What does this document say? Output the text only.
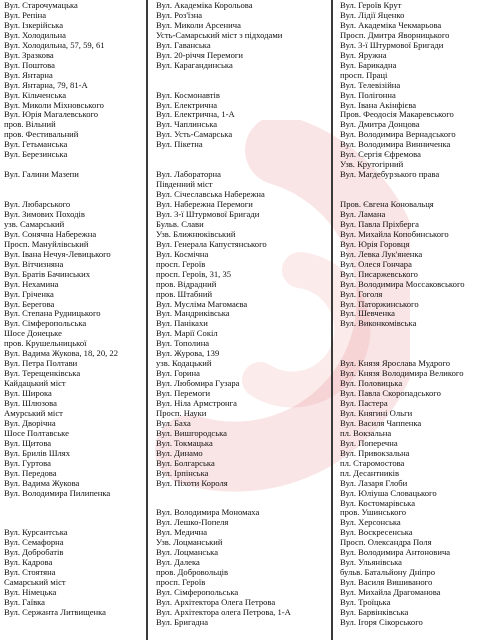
Вул. Старочумацька
Вул. Репіна
Вул. Ізкерійська
Вул. Холодильна
Вул. Холодильна, 57, 59, 61
Вул. Зразкова
Вул. Поштова
Вул. Янтарна
Вул. Янтарна, 79, 81-А
Вул. Кільченська
Вул. Миколи Міхновського
Вул. Юрія Магалевського
пров. Вільний
пров. Фестивальний
Вул. Гетьманська
Вул. Березинська
Вул. Галини Мазепи
Вул. Любарського
Вул. Зимових Походів
узв. Самарський
Вул. Сонячна Набережна
Просп. Мануйлівський
Вул. Івана Нечуя-Левицького
Вул. Вітчизняна
Вул. Братів Бачинських
Вул. Нехамина
Вул. Гріченка
Вул. Берегова
Вул. Степана Рудницького
Вул. Сімферопольська
Шосе Донецьке
пров. Крушельницької
Вул. Вадима Жукова, 18, 20, 22
Вул. Петра Полтави
Вул. Терещенківська
Кайдацький міст
Вул. Широка
Вул. Шлюзова
Амурський міст
Вул. Дворічна
Шосе Полтавське
Вул. Щитова
Вул. Брилів Шлях
Вул. Гуртова
Вул. Передова
Вул. Вадима Жукова
Вул. Володимира Пилипенка
Вул. Курсантська
Вул. Семафорна
Вул. Добробатів
Вул. Кадрова
Вул. Стоятяна
Самарський міст
Вул. Німецька
Вул. Гаївка
Вул. Сержанта Литвищенка
Вул. Академіка Корольова
Вул. Роз'їзна
Вул. Миколи Арсенича
Усть-Самарський міст з підходами
Вул. Гаванська
Вул. 20-річчя Перемоги
Вул. Карагандинська
Вул. Космонавтів
Вул. Електрична
Вул. Електрична, 1-А
Вул. Чаплинська
Вул. Усть-Самарська
Вул. Пікетна
Вул. Лабораторна
Південний міст
Вул. Січеславська Набережна
Вул. Набережна Перемоги
Вул. 3-ї Штурмової Бригади
Бульв. Слави
Узв. Ближнюківський
Вул. Генерала Капустянського
Вул. Космічна
просп. Героїв
просп. Героїв, 31, 35
пров. Відрадний
пров. Штабний
Вул. Мусліма Магомаєва
Вул. Мандриківська
Вул. Панікахи
Вул. Марії Сокіл
Вул. Тополина
Вул. Журова, 139
узв. Кодацький
Вул. Горина
Вул. Любомира Гузара
Вул. Перемоги
Вул. Ніла Армстронга
Просп. Науки
Вул. Баха
Вул. Вишгородська
Вул. Токмацька
Вул. Динамо
Вул. Болгарська
Вул. Ірпінська
Вул. Піхоти Короля
Вул. Володимира Мономаха
Вул. Лешко-Попеля
Вул. Медична
Узв. Лоцманський
Вул. Лоцманська
Вул. Далека
пров. Добровольців
просп. Героїв
Вул. Сімферопольська
Вул. Архітектора Олега Петрова
Вул. Архітектора олега Петрова, 1-А
Вул. Бригадна
Вул. Героїв Крут
Вул. Лідії Яценко
Вул. Академіка Чекмарьова
Просп. Дмитра Яворницького
Вул. 3-ї Штурмової Бригади
Вул. Яружна
Вул. Барикадна
просп. Праці
Вул. Телевізійна
Вул. Полігонна
Вул. Івана Акінфієва
Пров. Феодосія Макаревського
Вул. Дмитра Донцова
Вул. Володимира Вернадського
Вул. Володимира Винниченка
Вул. Сергія Єфремова
Узв. Крутогірний
Вул. Магдебурзького права
Пров. Євгена Коновальця
Вул. Ламана
Вул. Павла Пріхберга
Вул. Михайла Копобинського
Вул. Юрія Горовця
Вул. Левка Лук'яненка
Вул. Олеся Гончара
Вул. Писаржевського
Вул. Володимира Моссаковського
Вул. Гоголя
Вул. Паторжинського
Вул. Шевченка
Вул. Виконкомівська
Вул. Князя Ярослава Мудрого
Вул. Князя Володимира Великого
Вул. Половицька
Вул. Павла Скоропадського
Вул. Пастера
Вул. Княгині Ольги
Вул. Василя Чаппенка
пл. Вокзальна
Вул. Поперечна
Вул. Привокзальна
пл. Старомостова
пл. Десантників
Вул. Лазаря Глоби
Вул. Юліуша Словацького
Вул. Костомарівська
пров. Ушинського
Вул. Херсонська
Вул. Воскресенська
Просп. Олександра Поля
Вул. Володимира Антоновича
Вул. Ульянівська
бульв. Батальйону Дніпро
Вул. Василя Вишиваного
Вул. Михайла Драгоманова
Вул. Троїцька
Вул. Барвінківська
Вул. Ігоря Сікорського
